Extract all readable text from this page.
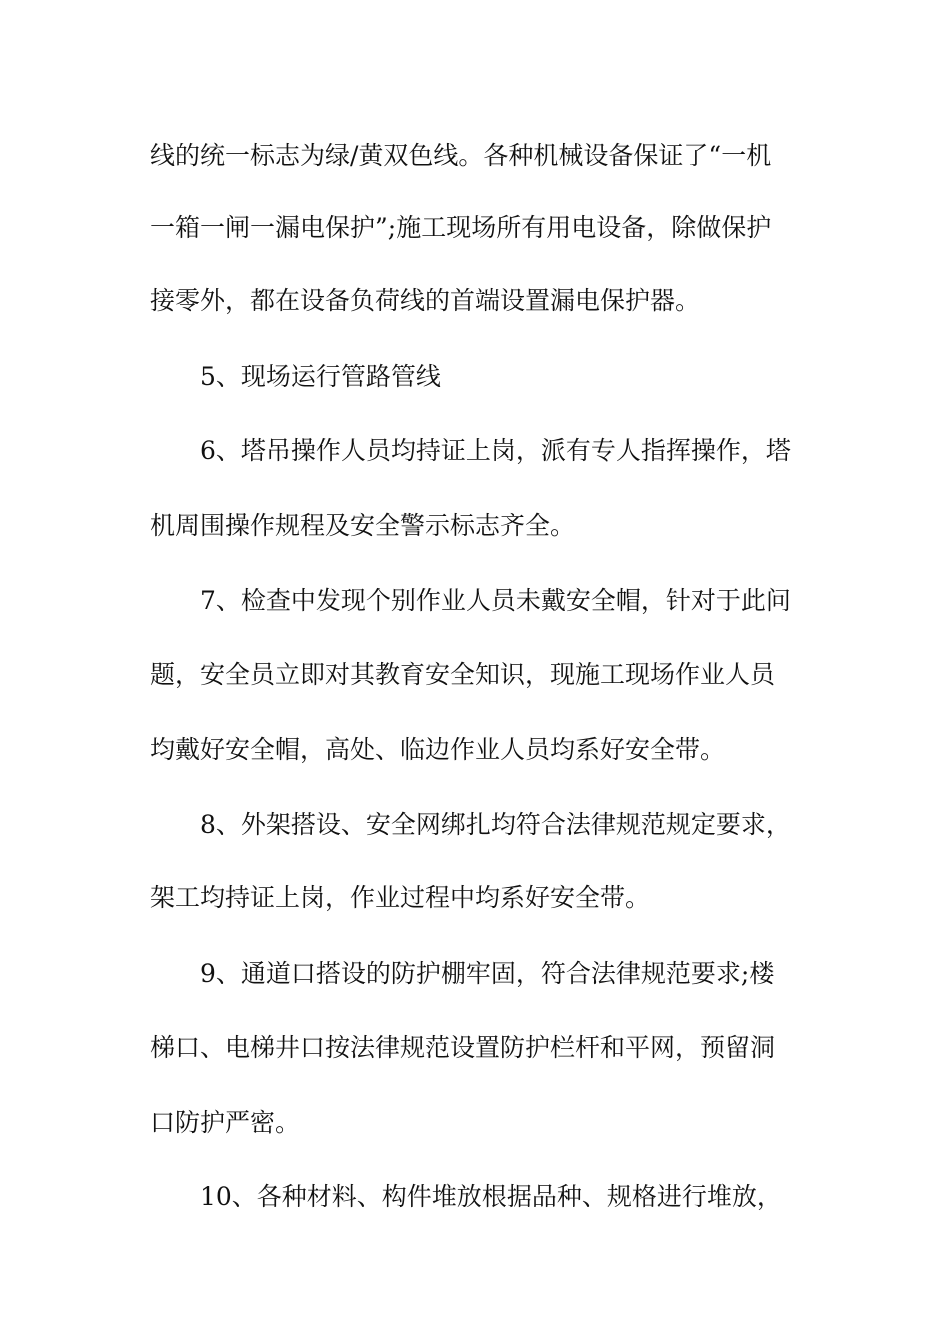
线的统一标志为绿/黄双色线。各种机械设备保证了“一机
一箱一闸一漏电保护”;施工现场所有用电设备，除做保护
接零外，都在设备负荷线的首端设置漏电保护器。
5、现场运行管路管线
6、塔吊操作人员均持证上岗，派有专人指挥操作，塔
机周围操作规程及安全警示标志齐全。
7、检查中发现个别作业人员未戴安全帽，针对于此问
题，安全员立即对其教育安全知识，现施工现场作业人员
均戴好安全帽，高处、临边作业人员均系好安全带。
8、外架搭设、安全网绑扎均符合法律规范规定要求，
架工均持证上岗，作业过程中均系好安全带。
9、通道口搭设的防护棚牢固，符合法律规范要求;楼
梯口、电梯井口按法律规范设置防护栏杆和平网，预留洞
口防护严密。
10、各种材料、构件堆放根据品种、规格进行堆放，
